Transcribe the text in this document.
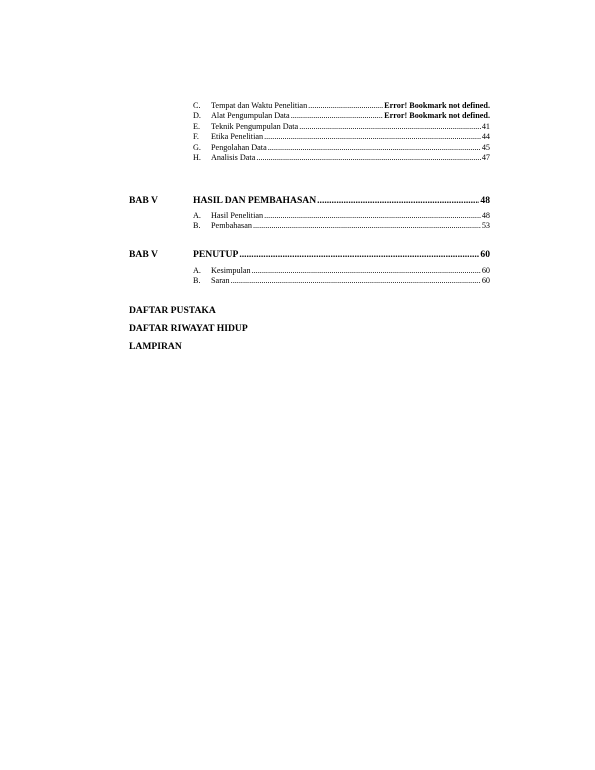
C.	Tempat dan Waktu Penelitian .....	Error! Bookmark not defined.
D.	Alat Pengumpulan Data .....	Error! Bookmark not defined.
E.	Teknik Pengumpulan Data .....	41
F.	Etika Penelitian .....	44
G.	Pengolahan Data .....	45
H.	Analisis Data .....	47
BAB V	HASIL DAN PEMBAHASAN .....	48
A.	Hasil Penelitian .....	48
B.	Pembahasan .....	53
BAB V	PENUTUP .....	60
A.	Kesimpulan .....	60
B.	Saran .....	60
DAFTAR PUSTAKA
DAFTAR RIWAYAT HIDUP
LAMPIRAN
